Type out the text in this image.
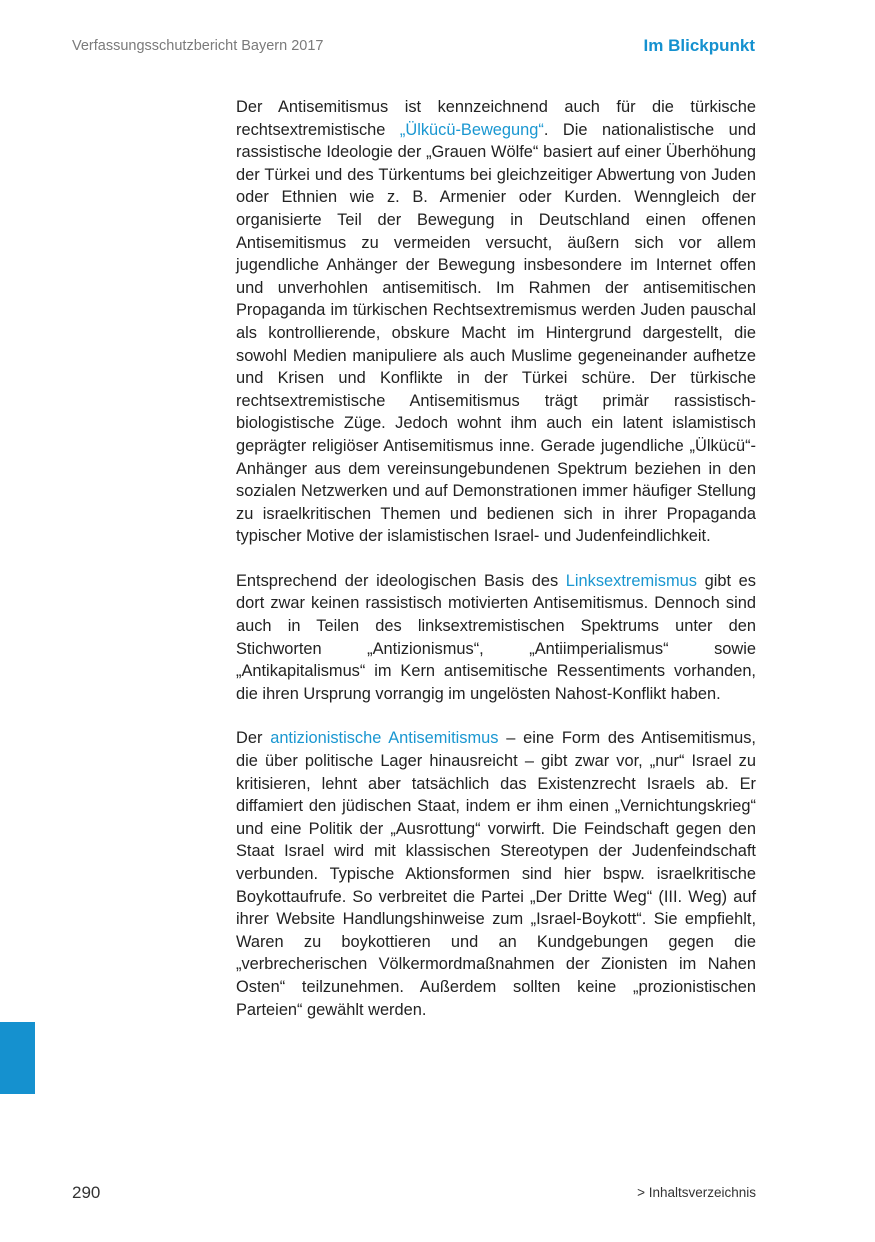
Verfassungsschutzbericht Bayern 2017	Im Blickpunkt

Der Antisemitismus ist kennzeichnend auch für die türkische rechtsextremistische „Ülkücü-Bewegung“. Die nationalistische und rassistische Ideologie der „Grauen Wölfe“ basiert auf einer Überhöhung der Türkei und des Türkentums bei gleichzeitiger Abwertung von Juden oder Ethnien wie z. B. Armenier oder Kurden. Wenngleich der organisierte Teil der Bewegung in Deutschland einen offenen Antisemitismus zu vermeiden versucht, äußern sich vor allem jugendliche Anhänger der Bewegung insbesondere im Internet offen und unverhohlen antisemitisch. Im Rahmen der antisemitischen Propaganda im türkischen Rechtsextremismus werden Juden pauschal als kontrollierende, obskure Macht im Hintergrund dargestellt, die sowohl Medien manipuliere als auch Muslime gegeneinander aufhetze und Krisen und Konflikte in der Türkei schüre. Der türkische rechtsextremistische Antisemitismus trägt primär rassistisch-biologistische Züge. Jedoch wohnt ihm auch ein latent islamistisch geprägter religiöser Antisemitismus inne. Gerade jugendliche „Ülkücü“-Anhänger aus dem vereinsungebundenen Spektrum beziehen in den sozialen Netzwerken und auf Demonstrationen immer häufiger Stellung zu israelkritischen Themen und bedienen sich in ihrer Propaganda typischer Motive der islamistischen Israel- und Judenfeindlichkeit.

Entsprechend der ideologischen Basis des Linksextremismus gibt es dort zwar keinen rassistisch motivierten Antisemitismus. Dennoch sind auch in Teilen des linksextremistischen Spektrums unter den Stichworten „Antizionismus“, „Antiimperialismus“ sowie „Antikapitalismus“ im Kern antisemitische Ressentiments vorhanden, die ihren Ursprung vorrangig im ungelösten Nahost-Konflikt haben.

Der antizionistische Antisemitismus – eine Form des Antisemitismus, die über politische Lager hinausreicht – gibt zwar vor, „nur“ Israel zu kritisieren, lehnt aber tatsächlich das Existenzrecht Israels ab. Er diffamiert den jüdischen Staat, indem er ihm einen „Vernichtungskrieg“ und eine Politik der „Ausrottung“ vorwirft. Die Feindschaft gegen den Staat Israel wird mit klassischen Stereotypen der Judenfeindschaft verbunden. Typische Aktionsformen sind hier bspw. israelkritische Boykottaufrufe. So verbreitet die Partei „Der Dritte Weg“ (III. Weg) auf ihrer Website Handlungshinweise zum „Israel-Boykott“. Sie empfiehlt, Waren zu boykottieren und an Kundgebungen gegen die „verbrecherischen Völkermordmaßnahmen der Zionisten im Nahen Osten“ teilzunehmen. Außerdem sollten keine „prozionistischen Parteien“ gewählt werden.

290	> Inhaltsverzeichnis
